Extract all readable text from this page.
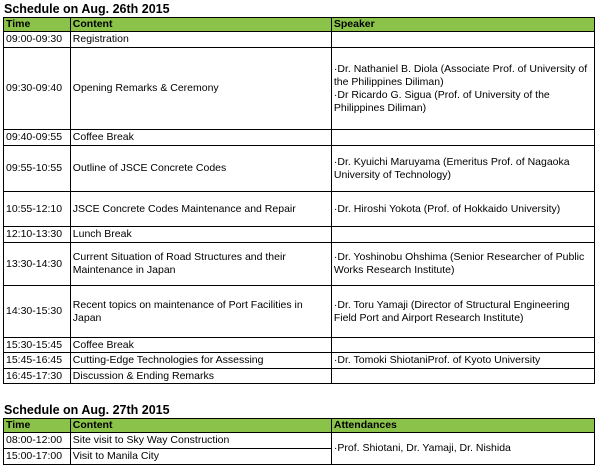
Schedule on Aug. 26th 2015
Time	Content	Speaker
09:00-09:30	Registration	
09:30-09:40	Opening Remarks & Ceremony	· Dr. Nathaniel B. Diola (Associate Prof. of University of the Philippines Diliman)
· Dr Ricardo G. Sigua (Prof. of University of the Philippines Diliman)

09:40-09:55	Coffee Break	
09:55-10:55	Outline of JSCE Concrete Codes	· Dr. Kyuichi Maruyama (Emeritus Prof. of Nagaoka University of Technology)

10:55-12:10	JSCE Concrete Codes Maintenance and Repair	· Dr. Hiroshi Yokota (Prof. of Hokkaido University)

12:10-13:30	Lunch Break	
13:30-14:30	Current Situation of Road Structures and their Maintenance in Japan	· Dr. Yoshinobu Ohshima (Senior Researcher of Public Works Research Institute)

14:30-15:30	Recent topics on maintenance of Port Facilities in Japan	· Dr. Toru Yamaji (Director of Structural Engineering Field Port and Airport Research Institute)

15:30-15:45	Coffee Break	
15:45-16:45	Cutting-Edge Technologies for Assessing	· Dr. Tomoki ShiotaniProf. of Kyoto University

16:45-17:30	Discussion & Ending Remarks	
Schedule on Aug. 27th 2015
Time	Content	Attendances
08:00-12:00	Site visit to Sky Way Construction	· Prof. Shiotani, Dr. Yamaji, Dr. Nishida

15:00-17:00	Visit to Manila City	
